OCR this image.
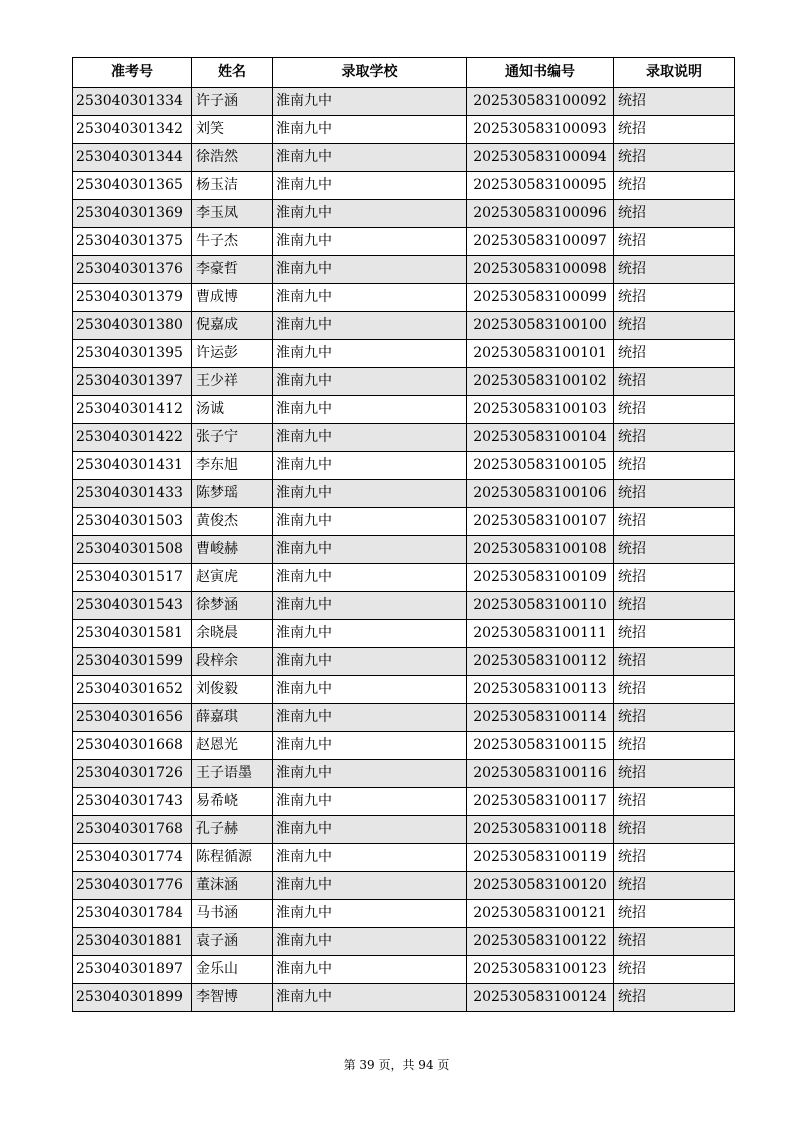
准考号	姓名	录取学校	通知书编号	录取说明
253040301334	许子涵	淮南九中	202530583100092	统招
253040301342	刘笑	淮南九中	202530583100093	统招
253040301344	徐浩然	淮南九中	202530583100094	统招
253040301365	杨玉洁	淮南九中	202530583100095	统招
253040301369	李玉凤	淮南九中	202530583100096	统招
253040301375	牛子杰	淮南九中	202530583100097	统招
253040301376	李豪哲	淮南九中	202530583100098	统招
253040301379	曹成博	淮南九中	202530583100099	统招
253040301380	倪嘉成	淮南九中	202530583100100	统招
253040301395	许运彭	淮南九中	202530583100101	统招
253040301397	王少祥	淮南九中	202530583100102	统招
253040301412	汤诚	淮南九中	202530583100103	统招
253040301422	张子宁	淮南九中	202530583100104	统招
253040301431	李东旭	淮南九中	202530583100105	统招
253040301433	陈梦瑶	淮南九中	202530583100106	统招
253040301503	黄俊杰	淮南九中	202530583100107	统招
253040301508	曹峻赫	淮南九中	202530583100108	统招
253040301517	赵寅虎	淮南九中	202530583100109	统招
253040301543	徐梦涵	淮南九中	202530583100110	统招
253040301581	余晓晨	淮南九中	202530583100111	统招
253040301599	段梓余	淮南九中	202530583100112	统招
253040301652	刘俊毅	淮南九中	202530583100113	统招
253040301656	薛嘉琪	淮南九中	202530583100114	统招
253040301668	赵恩光	淮南九中	202530583100115	统招
253040301726	王子语墨	淮南九中	202530583100116	统招
253040301743	易希峣	淮南九中	202530583100117	统招
253040301768	孔子赫	淮南九中	202530583100118	统招
253040301774	陈程循源	淮南九中	202530583100119	统招
253040301776	董沫涵	淮南九中	202530583100120	统招
253040301784	马书涵	淮南九中	202530583100121	统招
253040301881	袁子涵	淮南九中	202530583100122	统招
253040301897	金乐山	淮南九中	202530583100123	统招
253040301899	李智博	淮南九中	202530583100124	统招
第 39 页，共 94 页
